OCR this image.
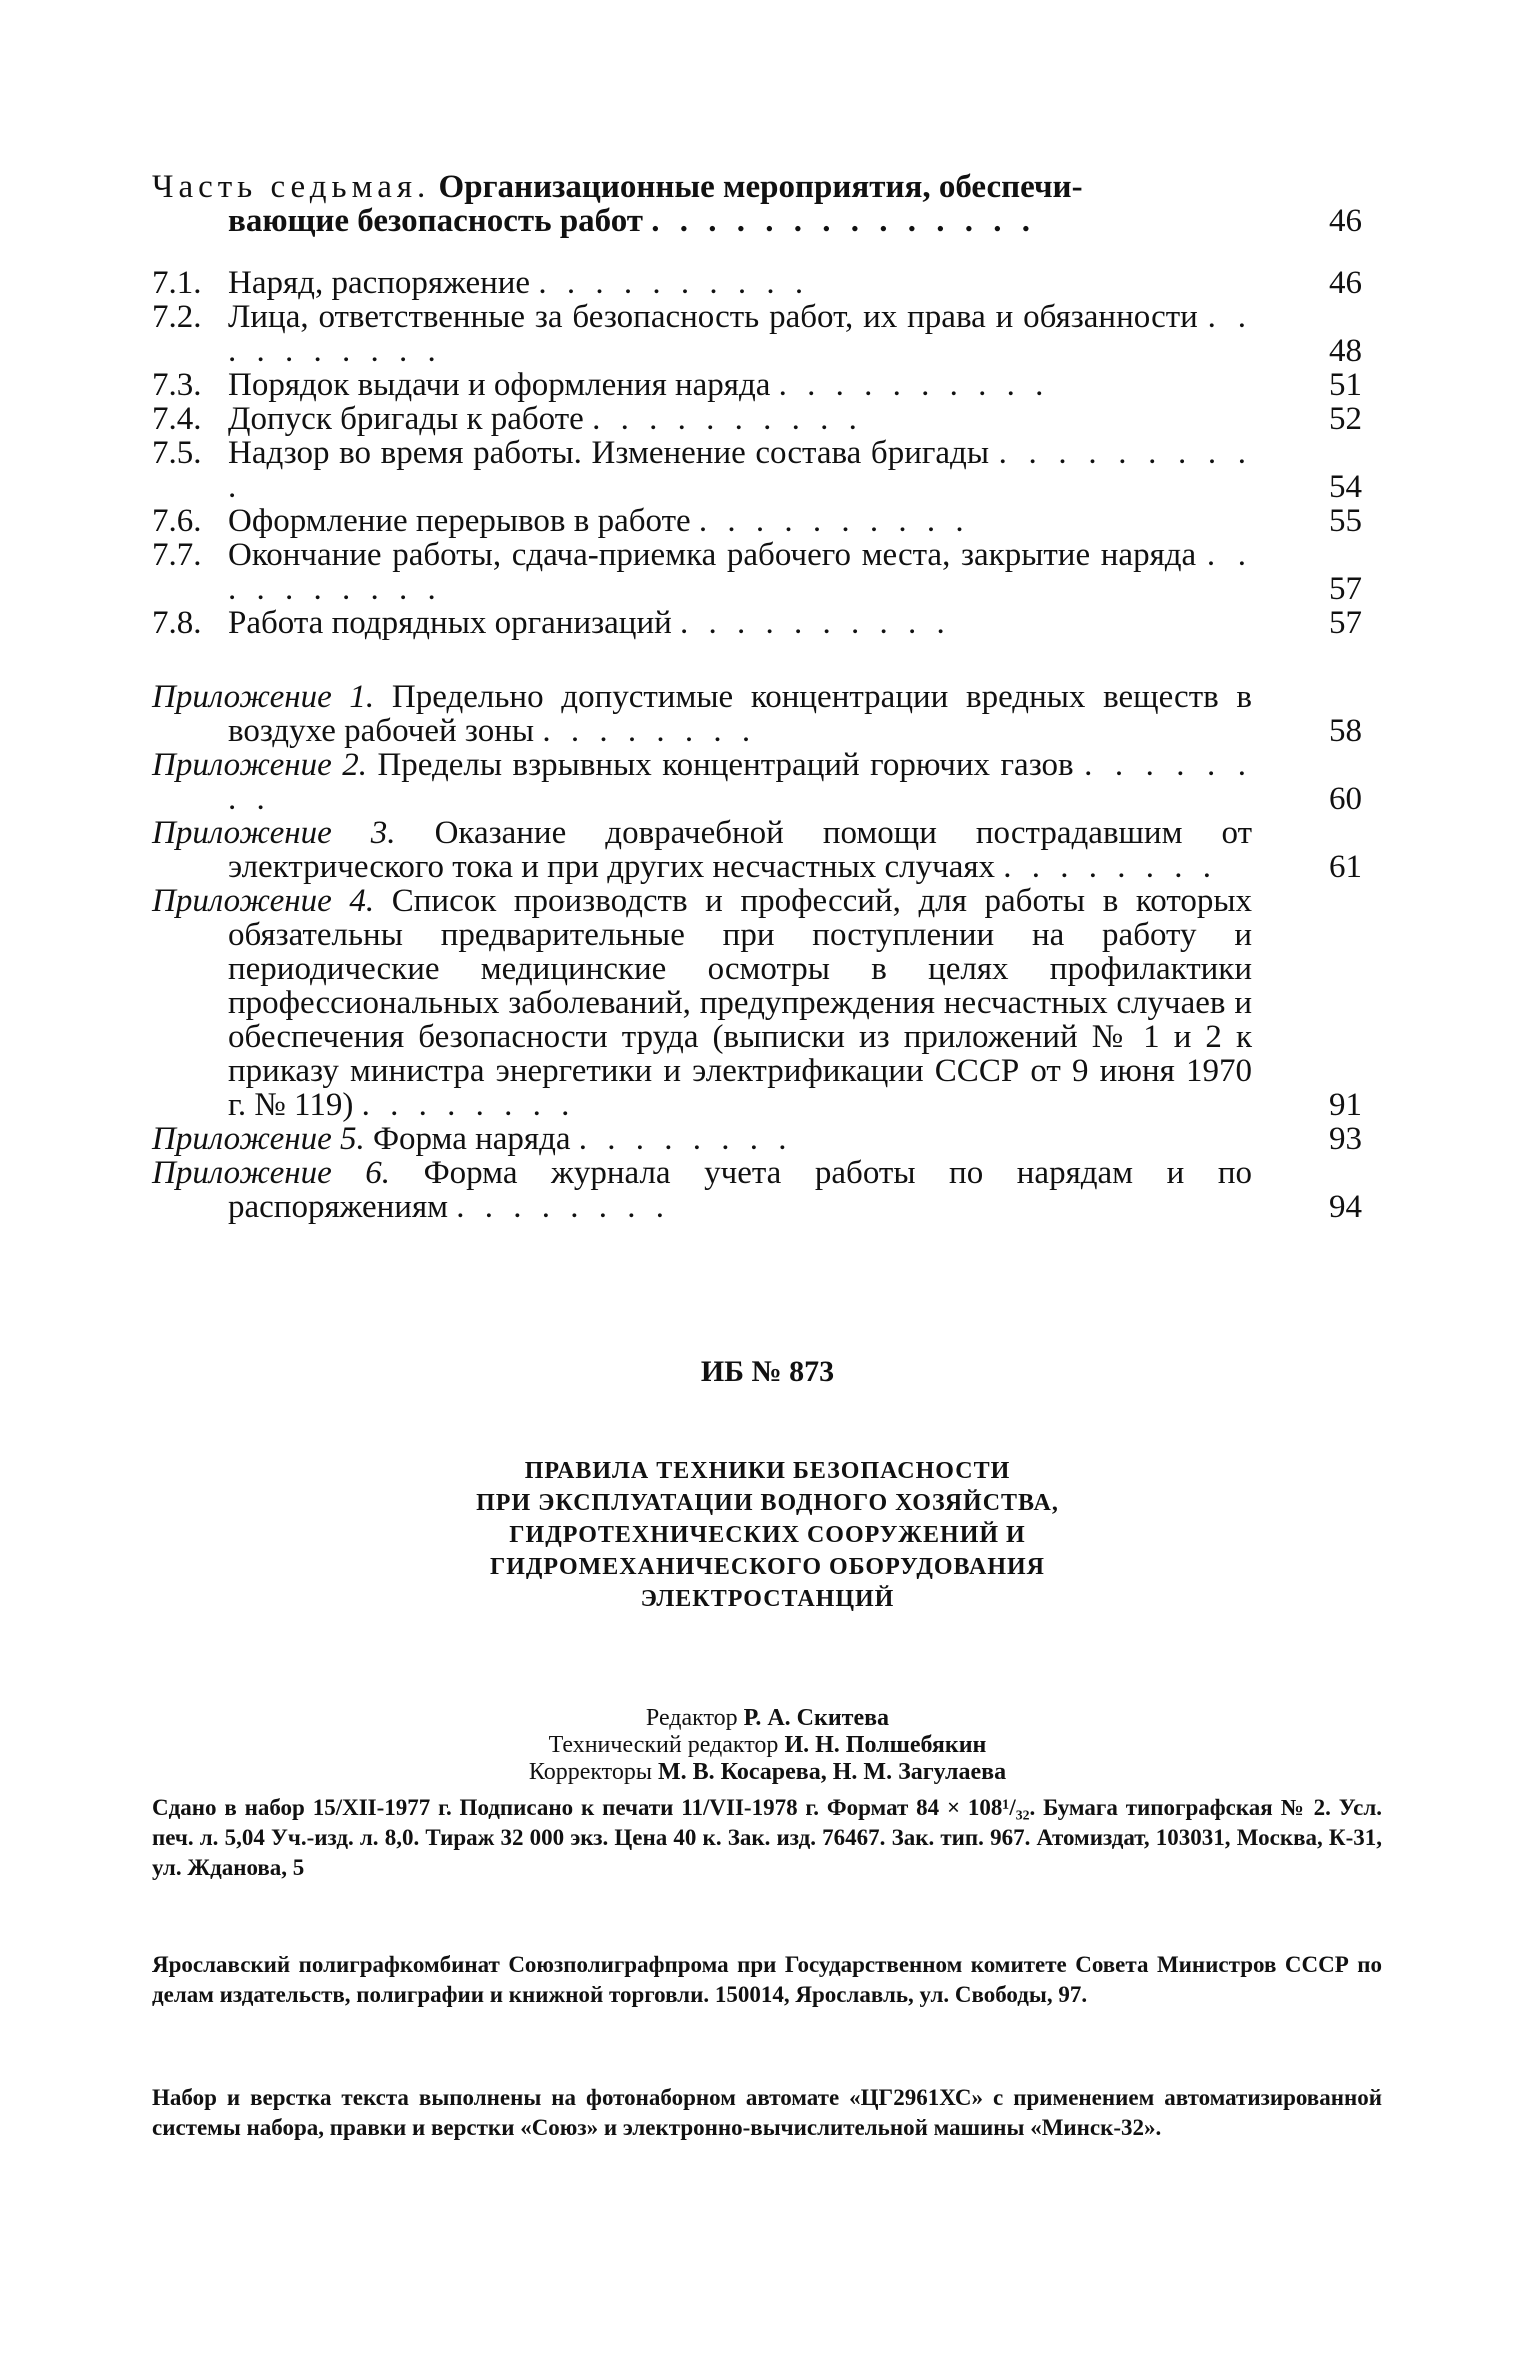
Часть седьмая. Организационные мероприятия, обеспечи-
вающие безопасность работ . . . . . . . . . . . . . .	46
7.1. Наряд, распоряжение . . . . . . . . . .	46
7.2. Лица, ответственные за безопасность работ, их права и обязанности . . . . . . . . . .	48
7.3. Порядок выдачи и оформления наряда . . . . . . . . . .	51
7.4. Допуск бригады к работе . . . . . . . . . .	52
7.5. Надзор во время работы. Изменение состава бригады . . . . . . . . . .	54
7.6. Оформление перерывов в работе . . . . . . . . . .	55
7.7. Окончание работы, сдача-приемка рабочего места, закрытие наряда . . . . . . . . . .	57
7.8. Работа подрядных организаций . . . . . . . . . .	57
Приложение 1. Предельно допустимые концентрации вредных веществ в воздухе рабочей зоны . . . . . . . .	58
Приложение 2. Пределы взрывных концентраций горючих газов . . . . . . . .	60
Приложение 3. Оказание доврачебной помощи пострадавшим от электрического тока и при других несчастных случаях . . . . . . . .	61
Приложение 4. Список производств и профессий, для работы в которых обязательны предварительные при поступлении на работу и периодические медицинские осмотры в целях профилактики профессиональных заболеваний, предупреждения несчастных случаев и обеспечения безопасности труда (выписки из приложений № 1 и 2 к приказу министра энергетики и электрификации СССР от 9 июня 1970 г. № 119) . . . . . . . .	91
Приложение 5. Форма наряда . . . . . . . .	93
Приложение 6. Форма журнала учета работы по нарядам и по распоряжениям . . . . . . . .	94
ИБ № 873
ПРАВИЛА ТЕХНИКИ БЕЗОПАСНОСТИ
ПРИ ЭКСПЛУАТАЦИИ ВОДНОГО ХОЗЯЙСТВА,
ГИДРОТЕХНИЧЕСКИХ СООРУЖЕНИЙ И
ГИДРОМЕХАНИЧЕСКОГО ОБОРУДОВАНИЯ
ЭЛЕКТРОСТАНЦИЙ
Редактор Р. А. Скитева
Технический редактор И. Н. Полшебякин
Корректоры М. В. Косарева, Н. М. Загулаева
Сдано в набор 15/XII-1977 г. Подписано к печати 11/VII-1978 г. Формат 84 × 108¹/₃₂. Бумага типографская № 2. Усл. печ. л. 5,04 Уч.-изд. л. 8,0. Тираж 32 000 экз. Цена 40 к. Зак. изд. 76467. Зак. тип. 967. Атомиздат, 103031, Москва, К-31, ул. Жданова, 5
Ярославский полиграфкомбинат Союзполиграфпрома при Государственном комитете Совета Министров СССР по делам издательств, полиграфии и книжной торговли. 150014, Ярославль, ул. Свободы, 97.
Набор и верстка текста выполнены на фотонаборном автомате «ЦГ2961ХС» с применением автоматизированной системы набора, правки и верстки «Союз» и электронно-вычислительной машины «Минск-32».
